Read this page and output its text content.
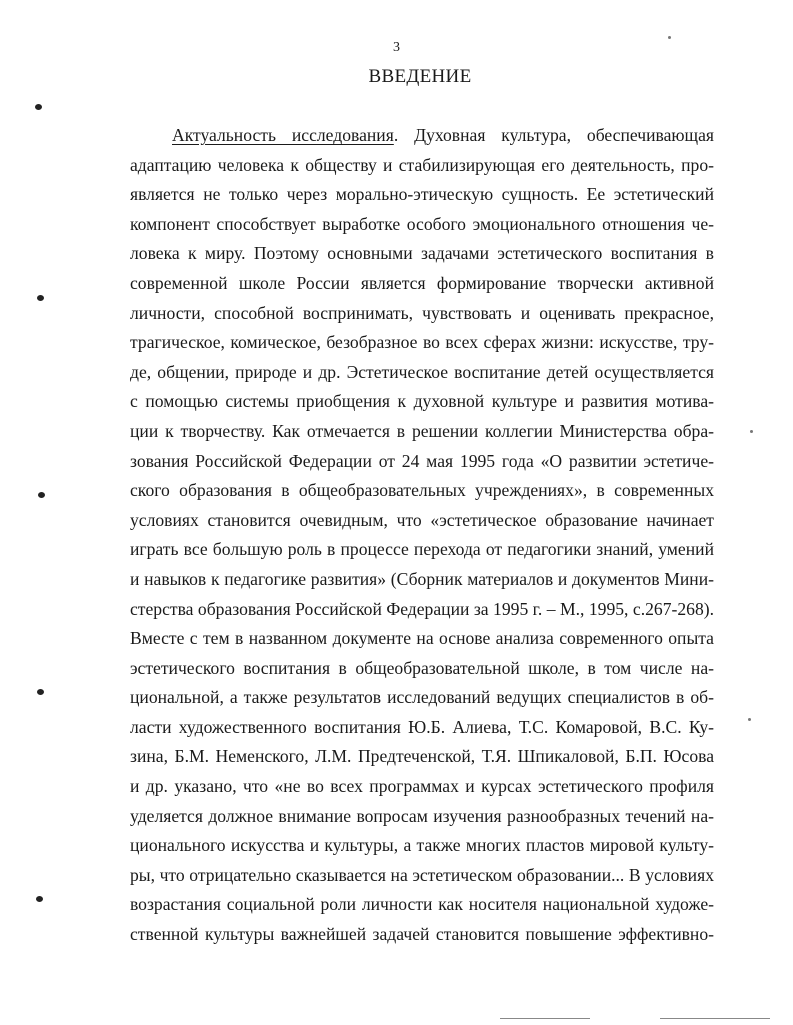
3
ВВЕДЕНИЕ
Актуальность исследования. Духовная культура, обеспечивающая
адаптацию человека к обществу и стабилизирующая его деятельность, про-
является не только через морально-этическую сущность. Ее эстетический
компонент способствует выработке особого эмоционального отношения че-
ловека к миру. Поэтому основными задачами эстетического воспитания в
современной школе России является формирование творчески активной
личности, способной воспринимать, чувствовать и оценивать прекрасное,
трагическое, комическое, безобразное во всех сферах жизни: искусстве, тру-
де, общении, природе и др. Эстетическое воспитание детей осуществляется
с помощью системы приобщения к духовной культуре и развития мотива-
ции к творчеству. Как отмечается в решении коллегии Министерства обра-
зования Российской Федерации от 24 мая 1995 года «О развитии эстетиче-
ского образования в общеобразовательных учреждениях», в современных
условиях становится очевидным, что «эстетическое образование начинает
играть все большую роль в процессе перехода от педагогики знаний, умений
и навыков к педагогике развития» (Сборник материалов и документов Мини-
стерства образования Российской Федерации за 1995 г. – М., 1995, с.267-268).
Вместе с тем в названном документе на основе анализа современного опыта
эстетического воспитания в общеобразовательной школе, в том числе на-
циональной, а также результатов исследований ведущих специалистов в об-
ласти художественного воспитания Ю.Б. Алиева, Т.С. Комаровой, В.С. Ку-
зина, Б.М. Неменского, Л.М. Предтеченской, Т.Я. Шпикаловой, Б.П. Юсова
и др. указано, что «не во всех программах и курсах эстетического профиля
уделяется должное внимание вопросам изучения разнообразных течений на-
ционального искусства и культуры, а также многих пластов мировой культу-
ры, что отрицательно сказывается на эстетическом образовании... В условиях
возрастания социальной роли личности как носителя национальной художе-
ственной культуры важнейшей задачей становится повышение эффективно-
